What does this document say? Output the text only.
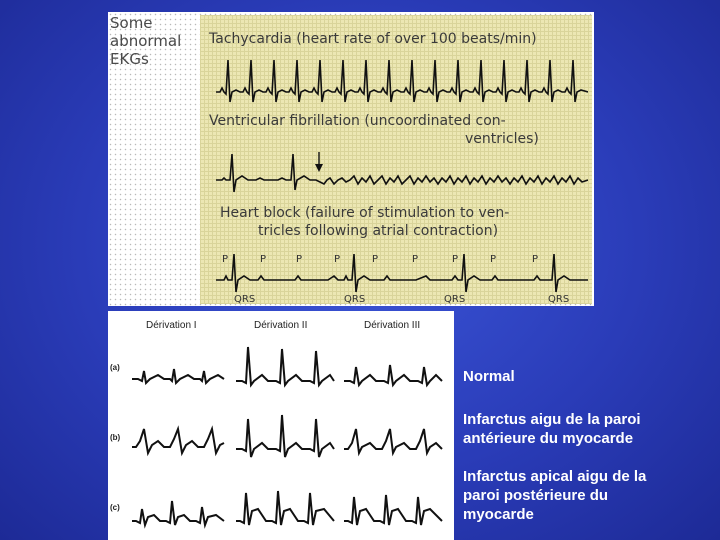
Some
abnormal
EKGs
Tachycardia (heart rate of over 100 beats/min)
Ventricular fibrillation (uncoordinated con-
ventricles)
Heart block (failure of stimulation to ven-
tricles following atrial contraction)
P	P	P	P	P	P	P	P	P
QRS	QRS	QRS	QRS
Dérivation I	Dérivation II	Dérivation III
(a)
(b)
(c)
Normal
Infarctus aigu de la paroi
antérieure du myocarde
Infarctus apical aigu de la
paroi postérieure du
myocarde
